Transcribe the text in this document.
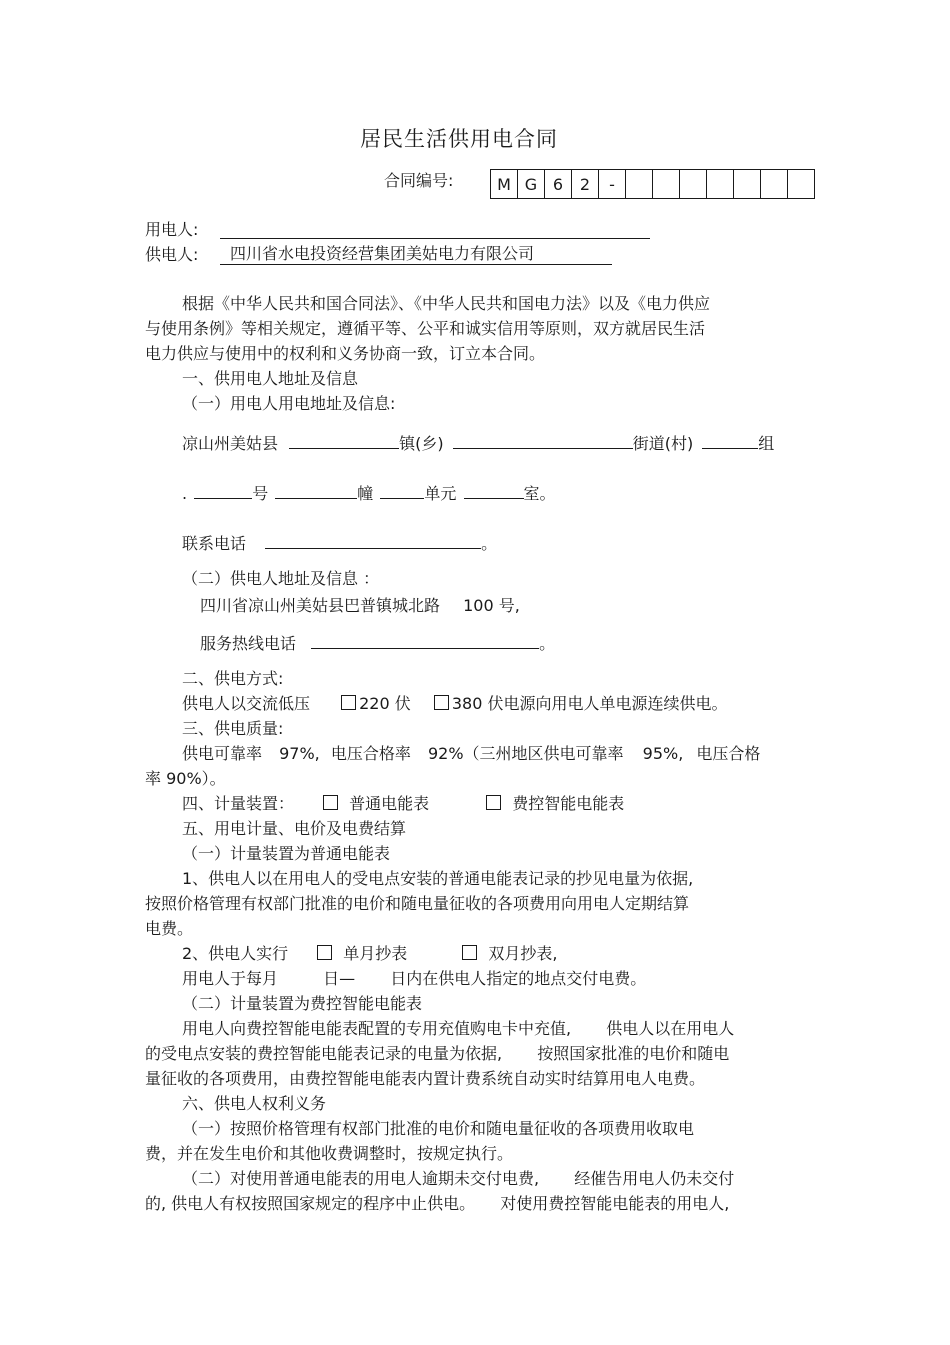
居民生活供用电合同
合同编号:	M G 6	2	-
用电人:
供电人: 四川省水电投资经营集团美姑电力有限公司
根据《中华人民共和国合同法》、《中华人民共和国电力法》以及《电力供应
与使用条例》等相关规定，遵循平等、公平和诚实信用等原则，双方就居民生活
电力供应与使用中的权利和义务协商一致，订立本合同。
一、供用电人地址及信息
（一）用电人用电地址及信息:
凉山州美姑县	镇(乡)	街道(村)	组
.	号	幢	单元	室。
联系电话	。
（二）供电人地址及信息 ：
四川省凉山州美姑县巴普镇城北路 100 号,
服务热线电话	。
二、供电方式:
供电人以交流低压	220 伏	380 伏电源向用电人单电源连续供电。
三、供电质量:
供电可靠率 97%, 电压合格率 92%（三州地区供电可靠率 95%, 电压合格
率 90%）。
四、计量装置：	普通电能表	费控智能电能表
五、用电计量、电价及电费结算
（一）计量装置为普通电能表
1、供电人以在用电人的受电点安装的普通电能表记录的抄见电量为依据,
按照价格管理有权部门批准的电价和随电量征收的各项费用向用电人定期结算
电费。
2、供电人实行	单月抄表	双月抄表,
用电人于每月	日— 日内在供电人指定的地点交付电费。
（二）计量装置为费控智能电能表
用电人向费控智能电能表配置的专用充值购电卡中充值, 供电人以在用电人
的受电点安装的费控智能电能表记录的电量为依据, 按照国家批准的电价和随电
量征收的各项费用，由费控智能电能表内置计费系统自动实时结算用电人电费。
六、供电人权利义务
（一）按照价格管理有权部门批准的电价和随电量征收的各项费用收取电
费，并在发生电价和其他收费调整时，按规定执行。
（二）对使用普通电能表的用电人逾期未交付电费, 经催告用电人仍未交付
的, 供电人有权按照国家规定的程序中止供电。 对使用费控智能电能表的用电人,
